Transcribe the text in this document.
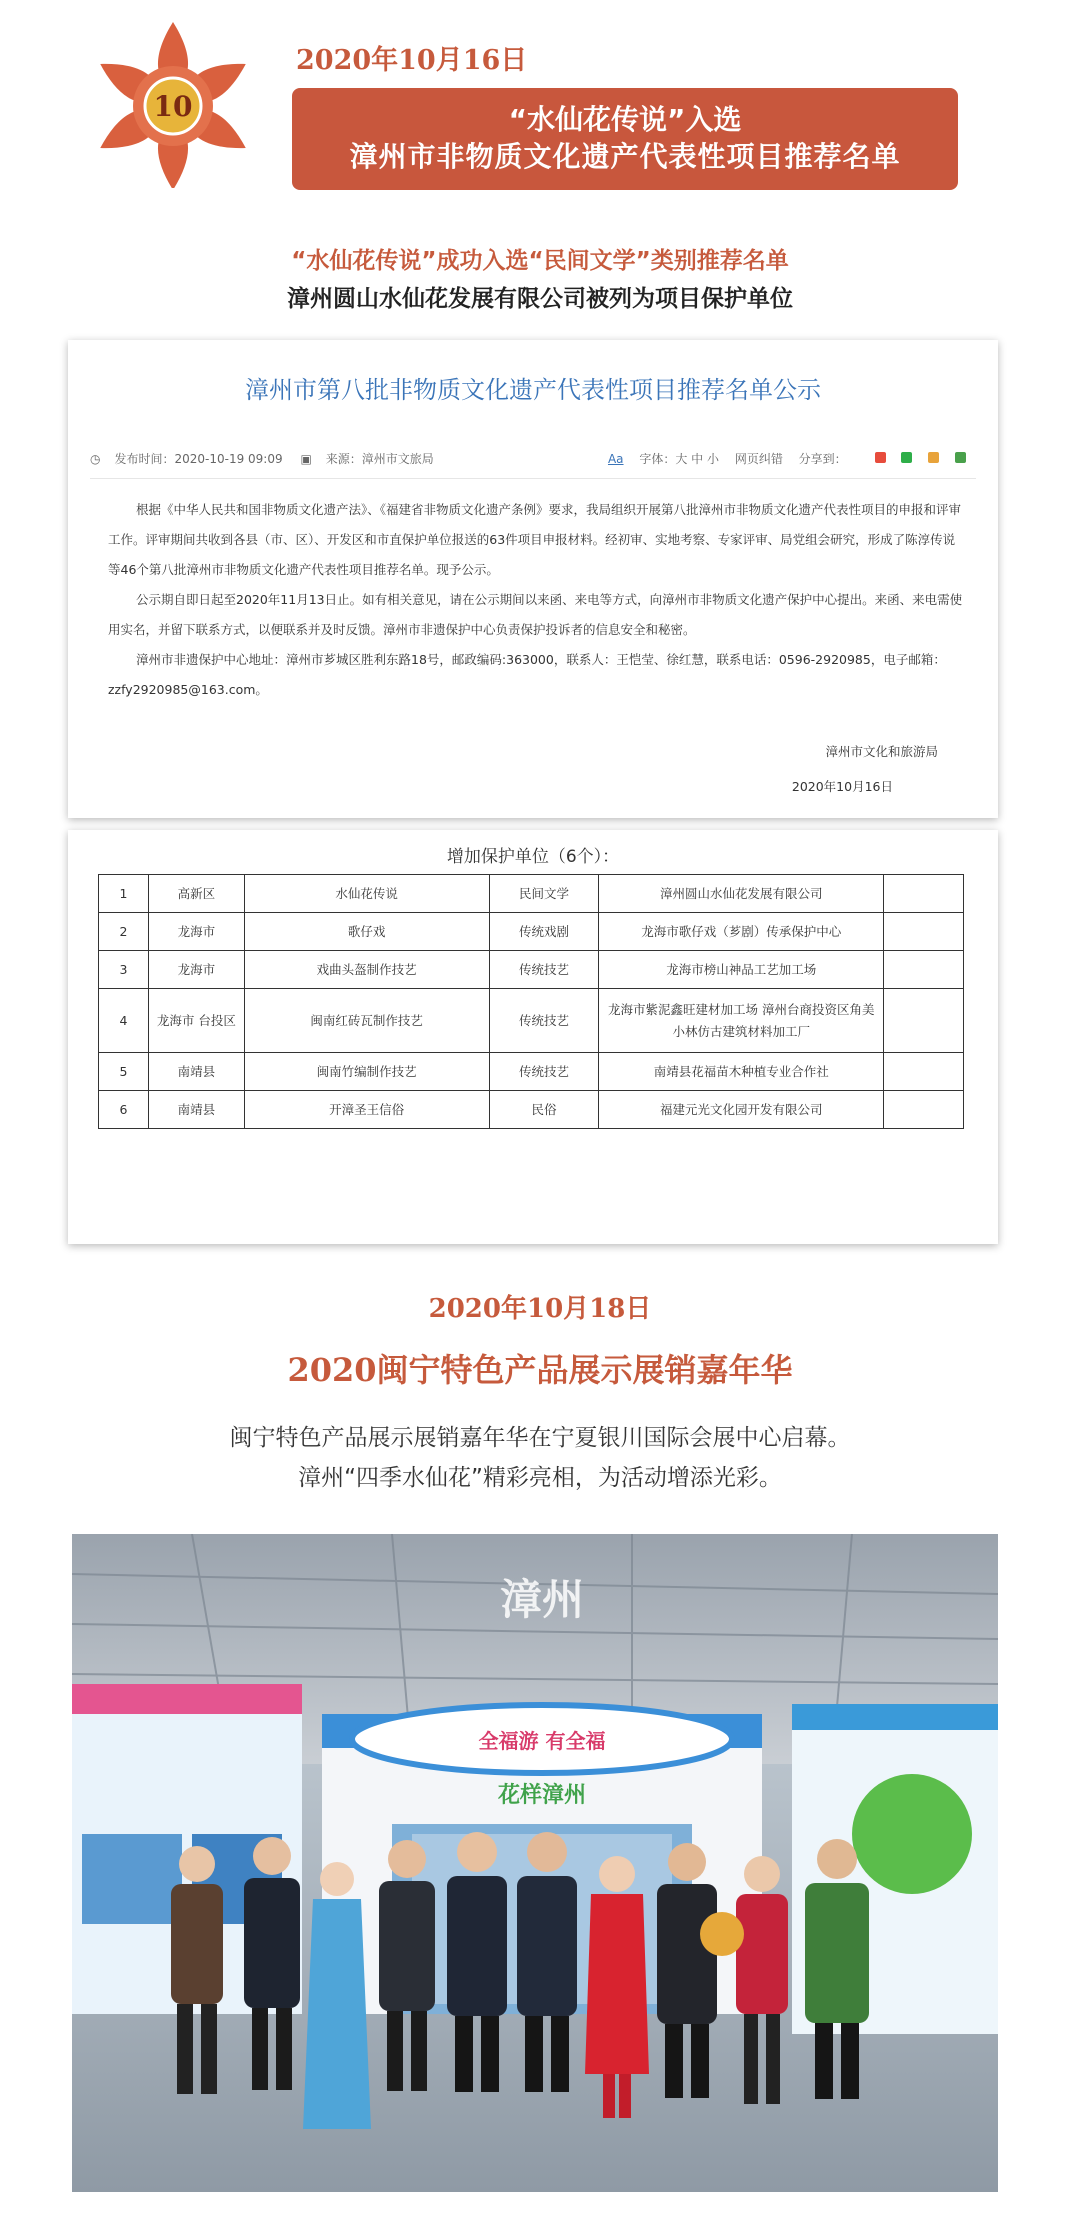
10
2020年10月16日
“水仙花传说”入选
漳州市非物质文化遗产代表性项目推荐名单
“水仙花传说”成功入选“民间文学”类别推荐名单
漳州圆山水仙花发展有限公司被列为项目保护单位
漳州市第八批非物质文化遗产代表性项目推荐名单公示
◷ 发布时间：2020-10-19 09:09 ▣ 来源：漳州市文旅局	Aa 字体：大 中 小 网页纠错 分享到：

根据《中华人民共和国非物质文化遗产法》、《福建省非物质文化遗产条例》要求，我局组织开展第八批漳州市非物质文化遗产代表性项目的申报和评审工作。评审期间共收到各县（市、区）、开发区和市直保护单位报送的63件项目申报材料。经初审、实地考察、专家评审、局党组会研究，形成了陈淳传说等46个第八批漳州市非物质文化遗产代表性项目推荐名单。现予公示。

公示期自即日起至2020年11月13日止。如有相关意见，请在公示期间以来函、来电等方式，向漳州市非物质文化遗产保护中心提出。来函、来电需使用实名，并留下联系方式，以便联系并及时反馈。漳州市非遗保护中心负责保护投诉者的信息安全和秘密。

漳州市非遗保护中心地址：漳州市芗城区胜利东路18号，邮政编码:363000，联系人：王恺莹、徐红慧，联系电话：0596-2920985，电子邮箱：zzfy2920985@163.com。

漳州市文化和旅游局
2020年10月16日
增加保护单位（6个）：
1	高新区	水仙花传说	民间文学	漳州圆山水仙花发展有限公司	
2	龙海市	歌仔戏	传统戏剧	龙海市歌仔戏（芗剧）传承保护中心	
3	龙海市	戏曲头盔制作技艺	传统技艺	龙海市榜山神品工艺加工场	
4	龙海市 台投区	闽南红砖瓦制作技艺	传统技艺	龙海市紫泥鑫旺建材加工场 漳州台商投资区角美小林仿古建筑材料加工厂	
5	南靖县	闽南竹编制作技艺	传统技艺	南靖县花福苗木种植专业合作社	
6	南靖县	开漳圣王信俗	民俗	福建元光文化园开发有限公司	
2020年10月18日
2020闽宁特色产品展示展销嘉年华
闽宁特色产品展示展销嘉年华在宁夏银川国际会展中心启幕。
漳州“四季水仙花”精彩亮相，为活动增添光彩。
全福游 有全福
花样漳州
漳州
